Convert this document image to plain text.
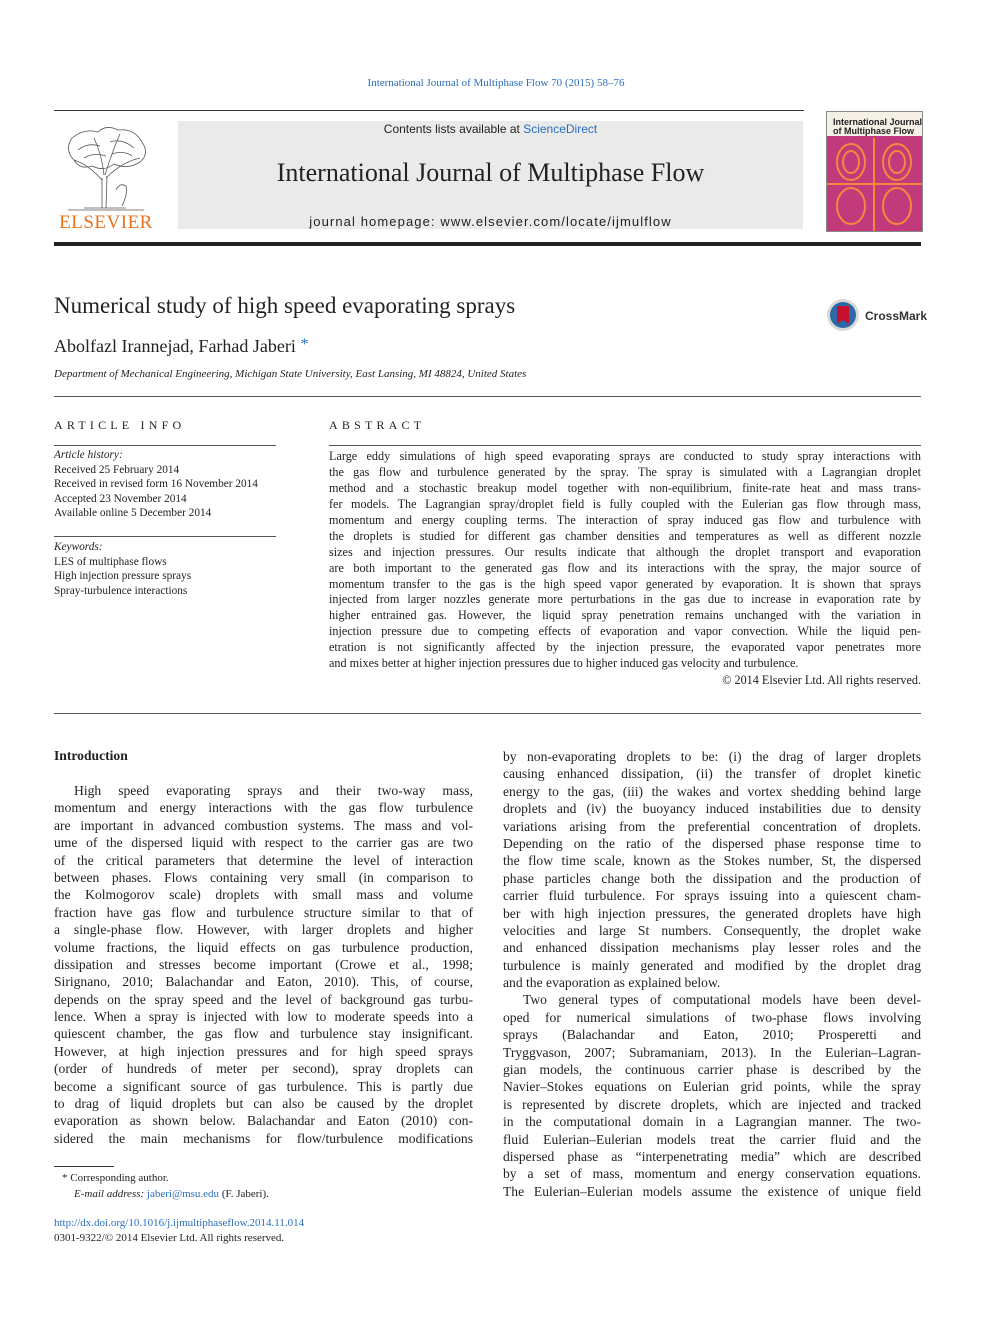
International Journal of Multiphase Flow 70 (2015) 58–76
ELSEVIER
Contents lists available at ScienceDirect
International Journal of Multiphase Flow
journal homepage: www.elsevier.com/locate/ijmulflow
International Journal of Multiphase Flow
Numerical study of high speed evaporating sprays	CrossMark
Abolfazl Irannejad, Farhad Jaberi *
Department of Mechanical Engineering, Michigan State University, East Lansing, MI 48824, United States
ARTICLE INFO
Article history:
Received 25 February 2014
Received in revised form 16 November 2014
Accepted 23 November 2014
Available online 5 December 2014
Keywords:
LES of multiphase flows
High injection pressure sprays
Spray-turbulence interactions
ABSTRACT
Large eddy simulations of high speed evaporating sprays are conducted to study spray interactions with
the gas flow and turbulence generated by the spray. The spray is simulated with a Lagrangian droplet
method and a stochastic breakup model together with non-equilibrium, finite-rate heat and mass trans-
fer models. The Lagrangian spray/droplet field is fully coupled with the Eulerian gas flow through mass,
momentum and energy coupling terms. The interaction of spray induced gas flow and turbulence with
the droplets is studied for different gas chamber densities and temperatures as well as different nozzle
sizes and injection pressures. Our results indicate that although the droplet transport and evaporation
are both important to the generated gas flow and its interactions with the spray, the major source of
momentum transfer to the gas is the high speed vapor generated by evaporation. It is shown that sprays
injected from larger nozzles generate more perturbations in the gas due to increase in evaporation rate by
higher entrained gas. However, the liquid spray penetration remains unchanged with the variation in
injection pressure due to competing effects of evaporation and vapor convection. While the liquid pen-
etration is not significantly affected by the injection pressure, the evaporated vapor penetrates more
and mixes better at higher injection pressures due to higher induced gas velocity and turbulence.
© 2014 Elsevier Ltd. All rights reserved.
Introduction
High speed evaporating sprays and their two-way mass,
momentum and energy interactions with the gas flow turbulence
are important in advanced combustion systems. The mass and vol-
ume of the dispersed liquid with respect to the carrier gas are two
of the critical parameters that determine the level of interaction
between phases. Flows containing very small (in comparison to
the Kolmogorov scale) droplets with small mass and volume
fraction have gas flow and turbulence structure similar to that of
a single-phase flow. However, with larger droplets and higher
volume fractions, the liquid effects on gas turbulence production,
dissipation and stresses become important (Crowe et al., 1998;
Sirignano, 2010; Balachandar and Eaton, 2010). This, of course,
depends on the spray speed and the level of background gas turbu-
lence. When a spray is injected with low to moderate speeds into a
quiescent chamber, the gas flow and turbulence stay insignificant.
However, at high injection pressures and for high speed sprays
(order of hundreds of meter per second), spray droplets can
become a significant source of gas turbulence. This is partly due
to drag of liquid droplets but can also be caused by the droplet
evaporation as shown below. Balachandar and Eaton (2010) con-
sidered the main mechanisms for flow/turbulence modifications
by non-evaporating droplets to be: (i) the drag of larger droplets
causing enhanced dissipation, (ii) the transfer of droplet kinetic
energy to the gas, (iii) the wakes and vortex shedding behind large
droplets and (iv) the buoyancy induced instabilities due to density
variations arising from the preferential concentration of droplets.
Depending on the ratio of the dispersed phase response time to
the flow time scale, known as the Stokes number, St, the dispersed
phase particles change both the dissipation and the production of
carrier fluid turbulence. For sprays issuing into a quiescent cham-
ber with high injection pressures, the generated droplets have high
velocities and large St numbers. Consequently, the droplet wake
and enhanced dissipation mechanisms play lesser roles and the
turbulence is mainly generated and modified by the droplet drag
and the evaporation as explained below.
Two general types of computational models have been devel-
oped for numerical simulations of two-phase flows involving
sprays (Balachandar and Eaton, 2010; Prosperetti and
Tryggvason, 2007; Subramaniam, 2013). In the Eulerian–Lagran-
gian models, the continuous carrier phase is described by the
Navier–Stokes equations on Eulerian grid points, while the spray
is represented by discrete droplets, which are injected and tracked
in the computational domain in a Lagrangian manner. The two-
fluid Eulerian–Eulerian models treat the carrier fluid and the
dispersed phase as “interpenetrating media” which are described
by a set of mass, momentum and energy conservation equations.
The Eulerian–Eulerian models assume the existence of unique field
* Corresponding author.
E-mail address: jaberi@msu.edu (F. Jaberi).
http://dx.doi.org/10.1016/j.ijmultiphaseflow.2014.11.014
0301-9322/© 2014 Elsevier Ltd. All rights reserved.
